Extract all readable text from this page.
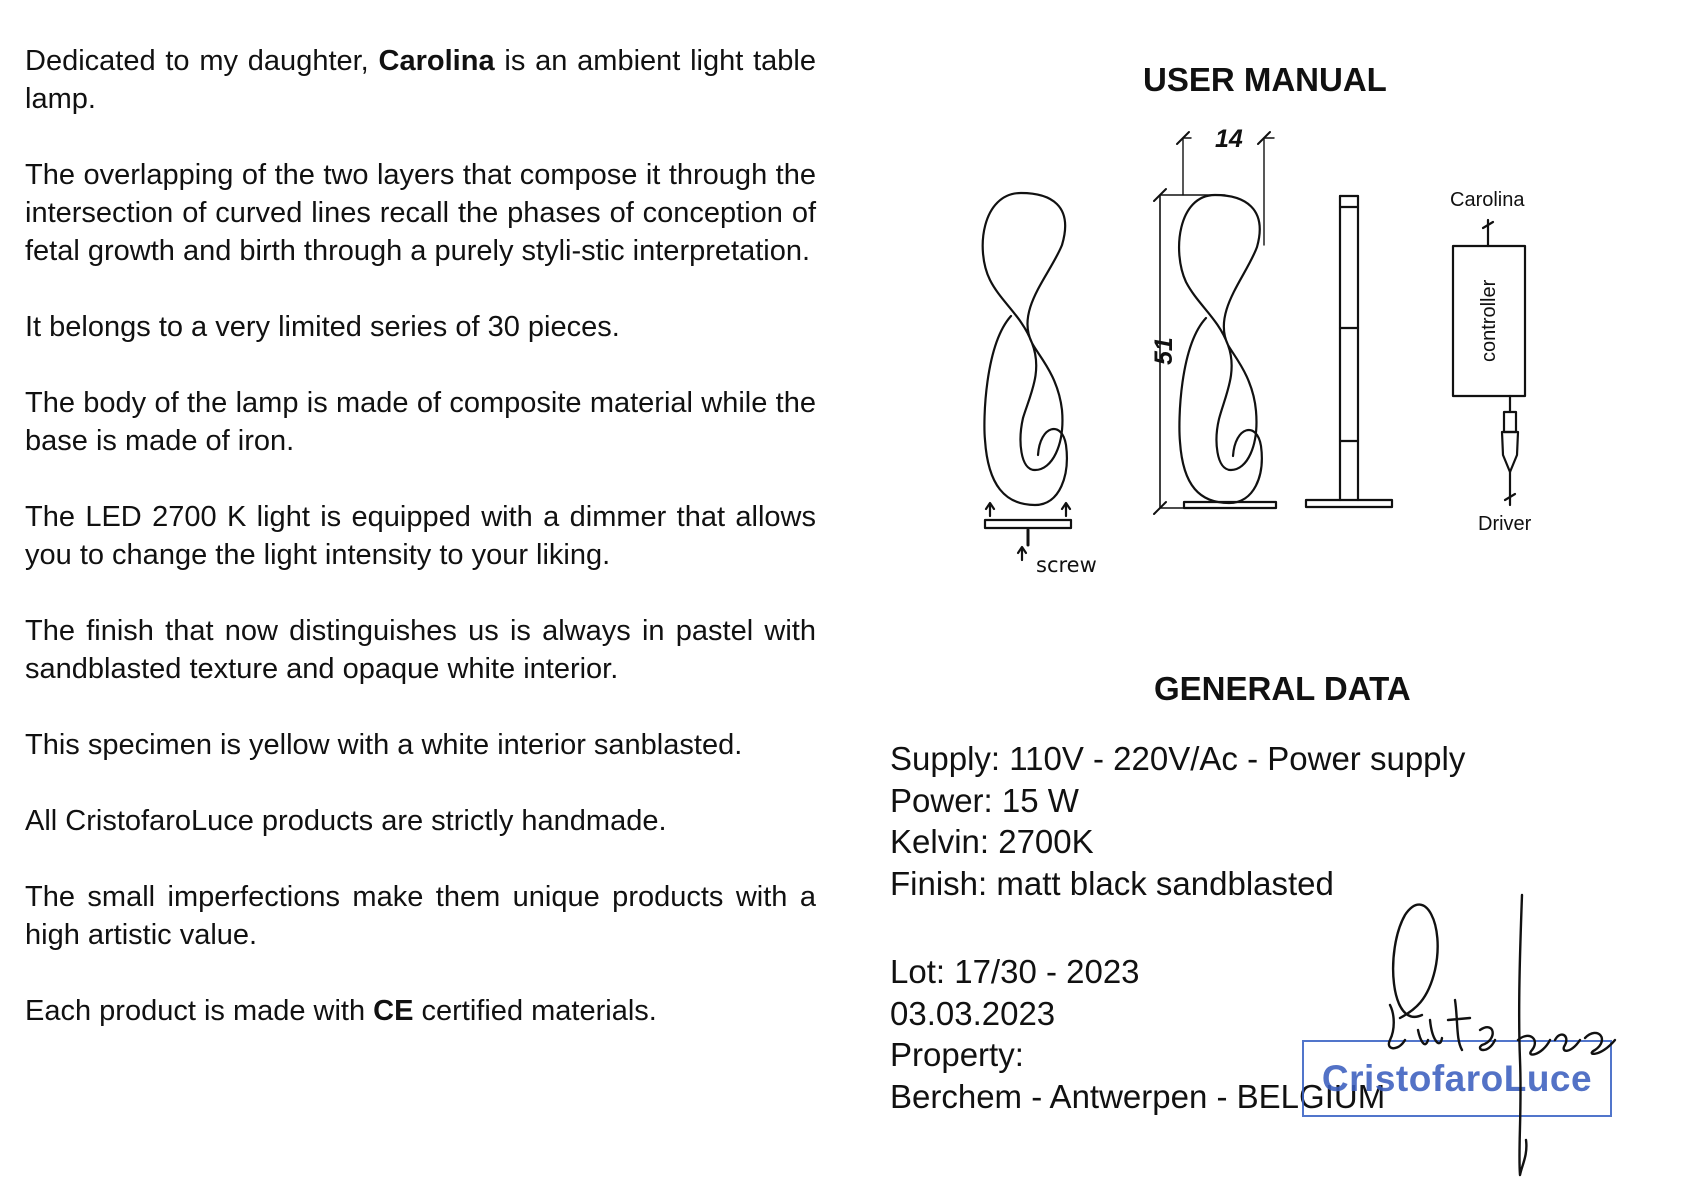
Dedicated to my daughter, Carolina is an ambient light table lamp.

The overlapping of the two layers that compose it through the intersection of curved lines recall the phases of conception of fetal growth and birth through a purely styli-stic interpretation.

It belongs to a very limited series of 30 pieces.

The body of the lamp is made of composite material while the base is made of iron.

The LED 2700 K light is equipped with a dimmer that allows you to change the light intensity to your liking.

The finish that now distinguishes us is always in pastel with sandblasted texture and opaque white interior.

This specimen is yellow with a white interior sanblasted.

All CristofaroLuce products are strictly handmade.

The small imperfections make them unique products with a high artistic value.

Each product is made with CE certified materials.

USER MANUAL
14
51
screw
Carolina
controller
Driver
GENERAL DATA
Supply: 110V - 220V/Ac - Power supply
Power: 15 W
Kelvin: 2700K
Finish: matt black sandblasted
Lot: 17/30 - 2023
03.03.2023
Property:
Berchem - Antwerpen - BELGIUM
CristofaroLuce
